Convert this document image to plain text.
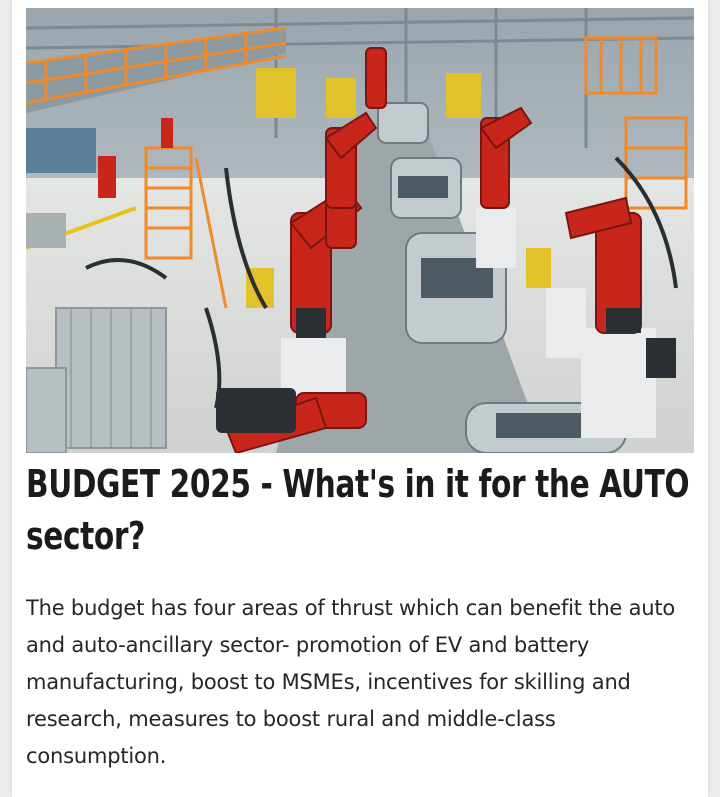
BUDGET 2025 - What's in it for the AUTO sector?

The budget has four areas of thrust which can benefit the auto and auto-ancillary sector- promotion of EV and battery manufacturing, boost to MSMEs, incentives for skilling and research, measures to boost rural and middle-class consumption.
